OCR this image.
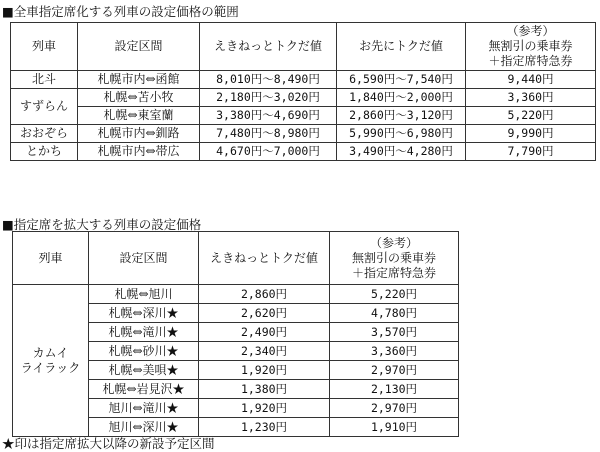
■全車指定席化する列車の設定価格の範囲
列車	設定区間	えきねっとトクだ値	お先にトクだ値	（参考）
無割引の乗車券
＋指定席特急券

北斗	札幌市内⇔函館	8,010円～8,490円	6,590円～7,540円	9,440円
すずらん	札幌⇔苫小牧	2,180円～3,020円	1,840円～2,000円	3,360円
	札幌⇔東室蘭	3,380円～4,690円	2,860円～3,120円	5,220円
おおぞら	札幌市内⇔釧路	7,480円～8,980円	5,990円～6,980円	9,990円
とかち	札幌市内⇔帯広	4,670円～7,000円	3,490円～4,280円	7,790円
■指定席を拡大する列車の設定価格
列車	設定区間	えきねっとトクだ値	（参考）
無割引の乗車券
＋指定席特急券

カムイ
ライラック	札幌⇔旭川	2,860円	5,220円
	札幌⇔深川★	2,620円	4,780円
	札幌⇔滝川★	2,490円	3,570円
	札幌⇔砂川★	2,340円	3,360円
	札幌⇔美唄★	1,920円	2,970円
	札幌⇔岩見沢★	1,380円	2,130円
	旭川⇔滝川★	1,920円	2,970円
	旭川⇔深川★	1,230円	1,910円
★印は指定席拡大以降の新設予定区間
